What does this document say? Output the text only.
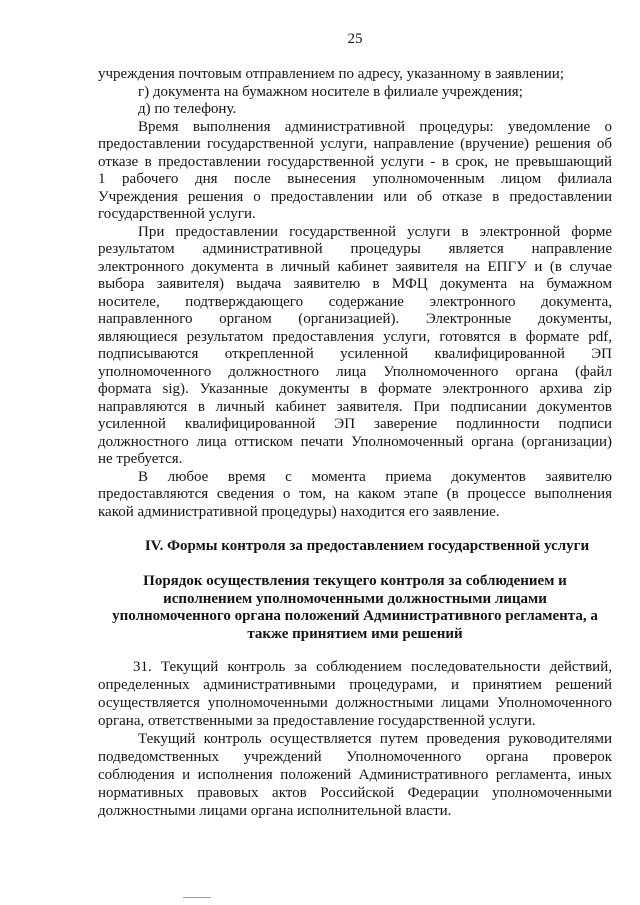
25
учреждения почтовым отправлением по адресу, указанному в заявлении;
г) документа на бумажном носителе в филиале учреждения;
д) по телефону.
Время выполнения административной процедуры: уведомление о
предоставлении государственной услуги, направление (вручение) решения об
отказе в предоставлении государственной услуги - в срок, не превышающий
1 рабочего дня после вынесения уполномоченным лицом филиала
Учреждения решения о предоставлении или об отказе в предоставлении
государственной услуги.
При предоставлении государственной услуги в электронной форме
результатом административной процедуры является направление
электронного документа в личный кабинет заявителя на ЕПГУ и (в случае
выбора заявителя) выдача заявителю в МФЦ документа на бумажном
носителе, подтверждающего содержание электронного документа,
направленного органом (организацией). Электронные документы,
являющиеся результатом предоставления услуги, готовятся в формате pdf,
подписываются открепленной усиленной квалифицированной ЭП
уполномоченного должностного лица Уполномоченного органа (файл
формата sig). Указанные документы в формате электронного архива zip
направляются в личный кабинет заявителя. При подписании документов
усиленной квалифицированной ЭП заверение подлинности подписи
должностного лица оттиском печати Уполномоченный органа (организации)
не требуется.
В любое время с момента приема документов заявителю
предоставляются сведения о том, на каком этапе (в процессе выполнения
какой административной процедуры) находится его заявление.
IV. Формы контроля за предоставлением государственной услуги
Порядок осуществления текущего контроля за соблюдением и
исполнением уполномоченными должностными лицами
уполномоченного органа положений Административного регламента, а
также принятием ими решений
31. Текущий контроль за соблюдением последовательности действий,
определенных административными процедурами, и принятием решений
осуществляется уполномоченными должностными лицами Уполномоченного
органа, ответственными за предоставление государственной услуги.
Текущий контроль осуществляется путем проведения руководителями
подведомственных учреждений Уполномоченного органа проверок
соблюдения и исполнения положений Административного регламента, иных
нормативных правовых актов Российской Федерации уполномоченными
должностными лицами органа исполнительной власти.
